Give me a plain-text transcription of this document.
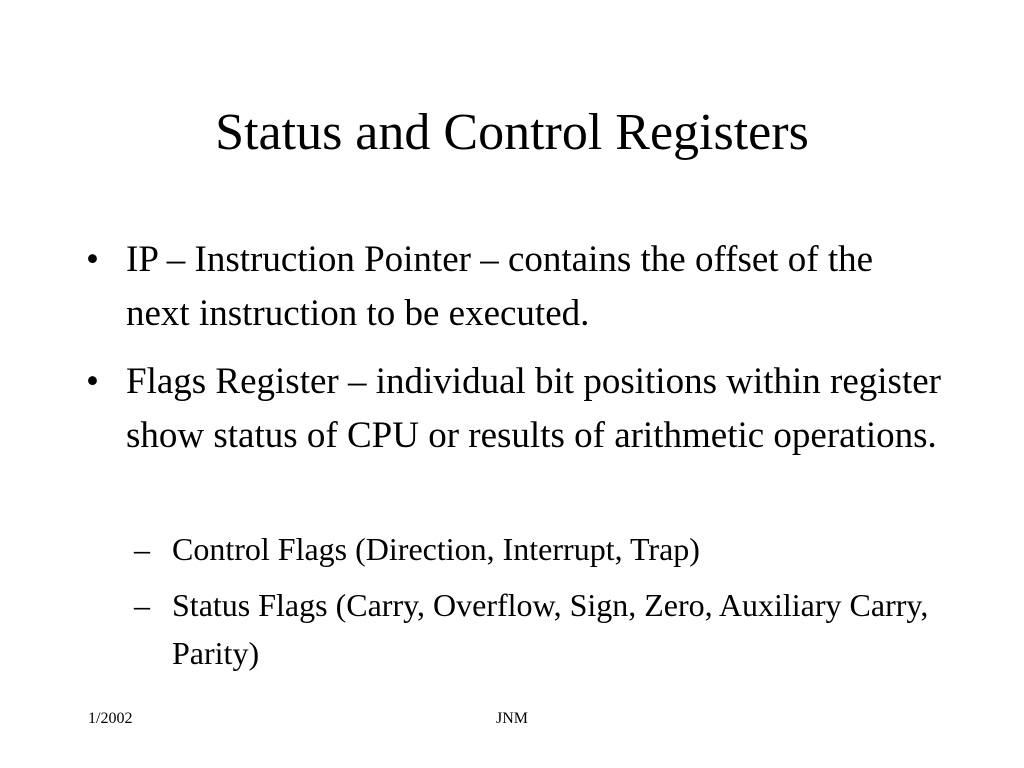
Status and Control Registers
• IP – Instruction Pointer – contains the offset of the next instruction to be executed.
• Flags Register – individual bit positions within register show status of CPU or results of arithmetic operations.
– Control Flags (Direction, Interrupt, Trap)
– Status Flags (Carry, Overflow, Sign, Zero, Auxiliary Carry, Parity)
1/2002	JNM
